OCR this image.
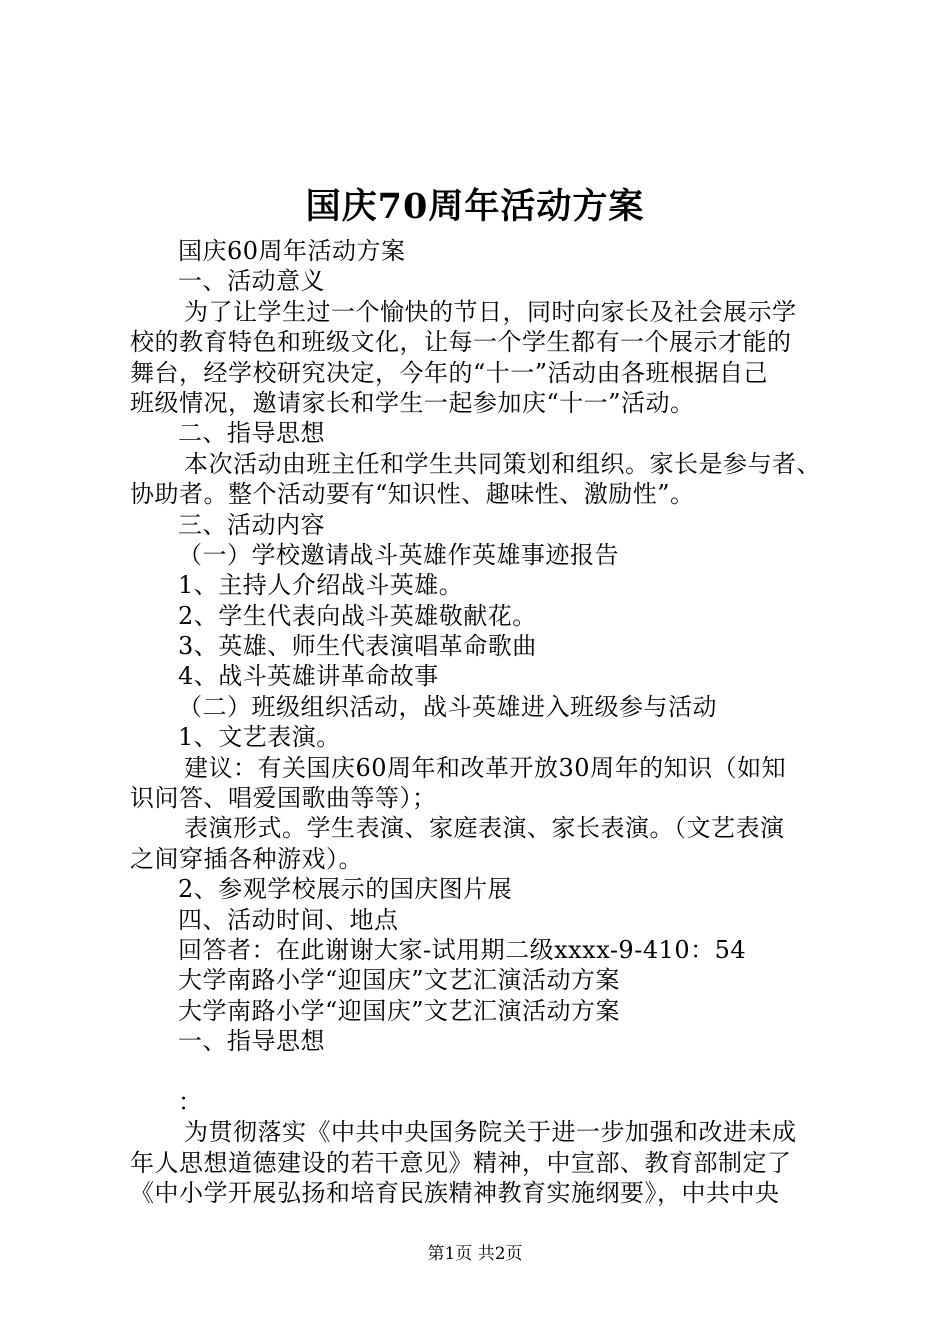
国庆70周年活动方案
国庆60周年活动方案
一、活动意义
为了让学生过一个愉快的节日，同时向家长及社会展示学
校的教育特色和班级文化，让每一个学生都有一个展示才能的
舞台，经学校研究决定，今年的“十一”活动由各班根据自己
班级情况，邀请家长和学生一起参加庆“十一”活动。
二、指导思想
本次活动由班主任和学生共同策划和组织。家长是参与者、
协助者。整个活动要有“知识性、趣味性、激励性”。
三、活动内容
（一）学校邀请战斗英雄作英雄事迹报告
1、主持人介绍战斗英雄。
2、学生代表向战斗英雄敬献花。
3、英雄、师生代表演唱革命歌曲
4、战斗英雄讲革命故事
（二）班级组织活动，战斗英雄进入班级参与活动
1、文艺表演。
建议：有关国庆60周年和改革开放30周年的知识（如知
识问答、唱爱国歌曲等等）；
表演形式。学生表演、家庭表演、家长表演。（文艺表演
之间穿插各种游戏）。
2、参观学校展示的国庆图片展
四、活动时间、地点
回答者：在此谢谢大家-试用期二级xxxx-9-410：54
大学南路小学“迎国庆”文艺汇演活动方案
大学南路小学“迎国庆”文艺汇演活动方案
一、指导思想
：
为贯彻落实《中共中央国务院关于进一步加强和改进未成
年人思想道德建设的若干意见》精神，中宣部、教育部制定了
《中小学开展弘扬和培育民族精神教育实施纲要》，中共中央
第1页 共2页
